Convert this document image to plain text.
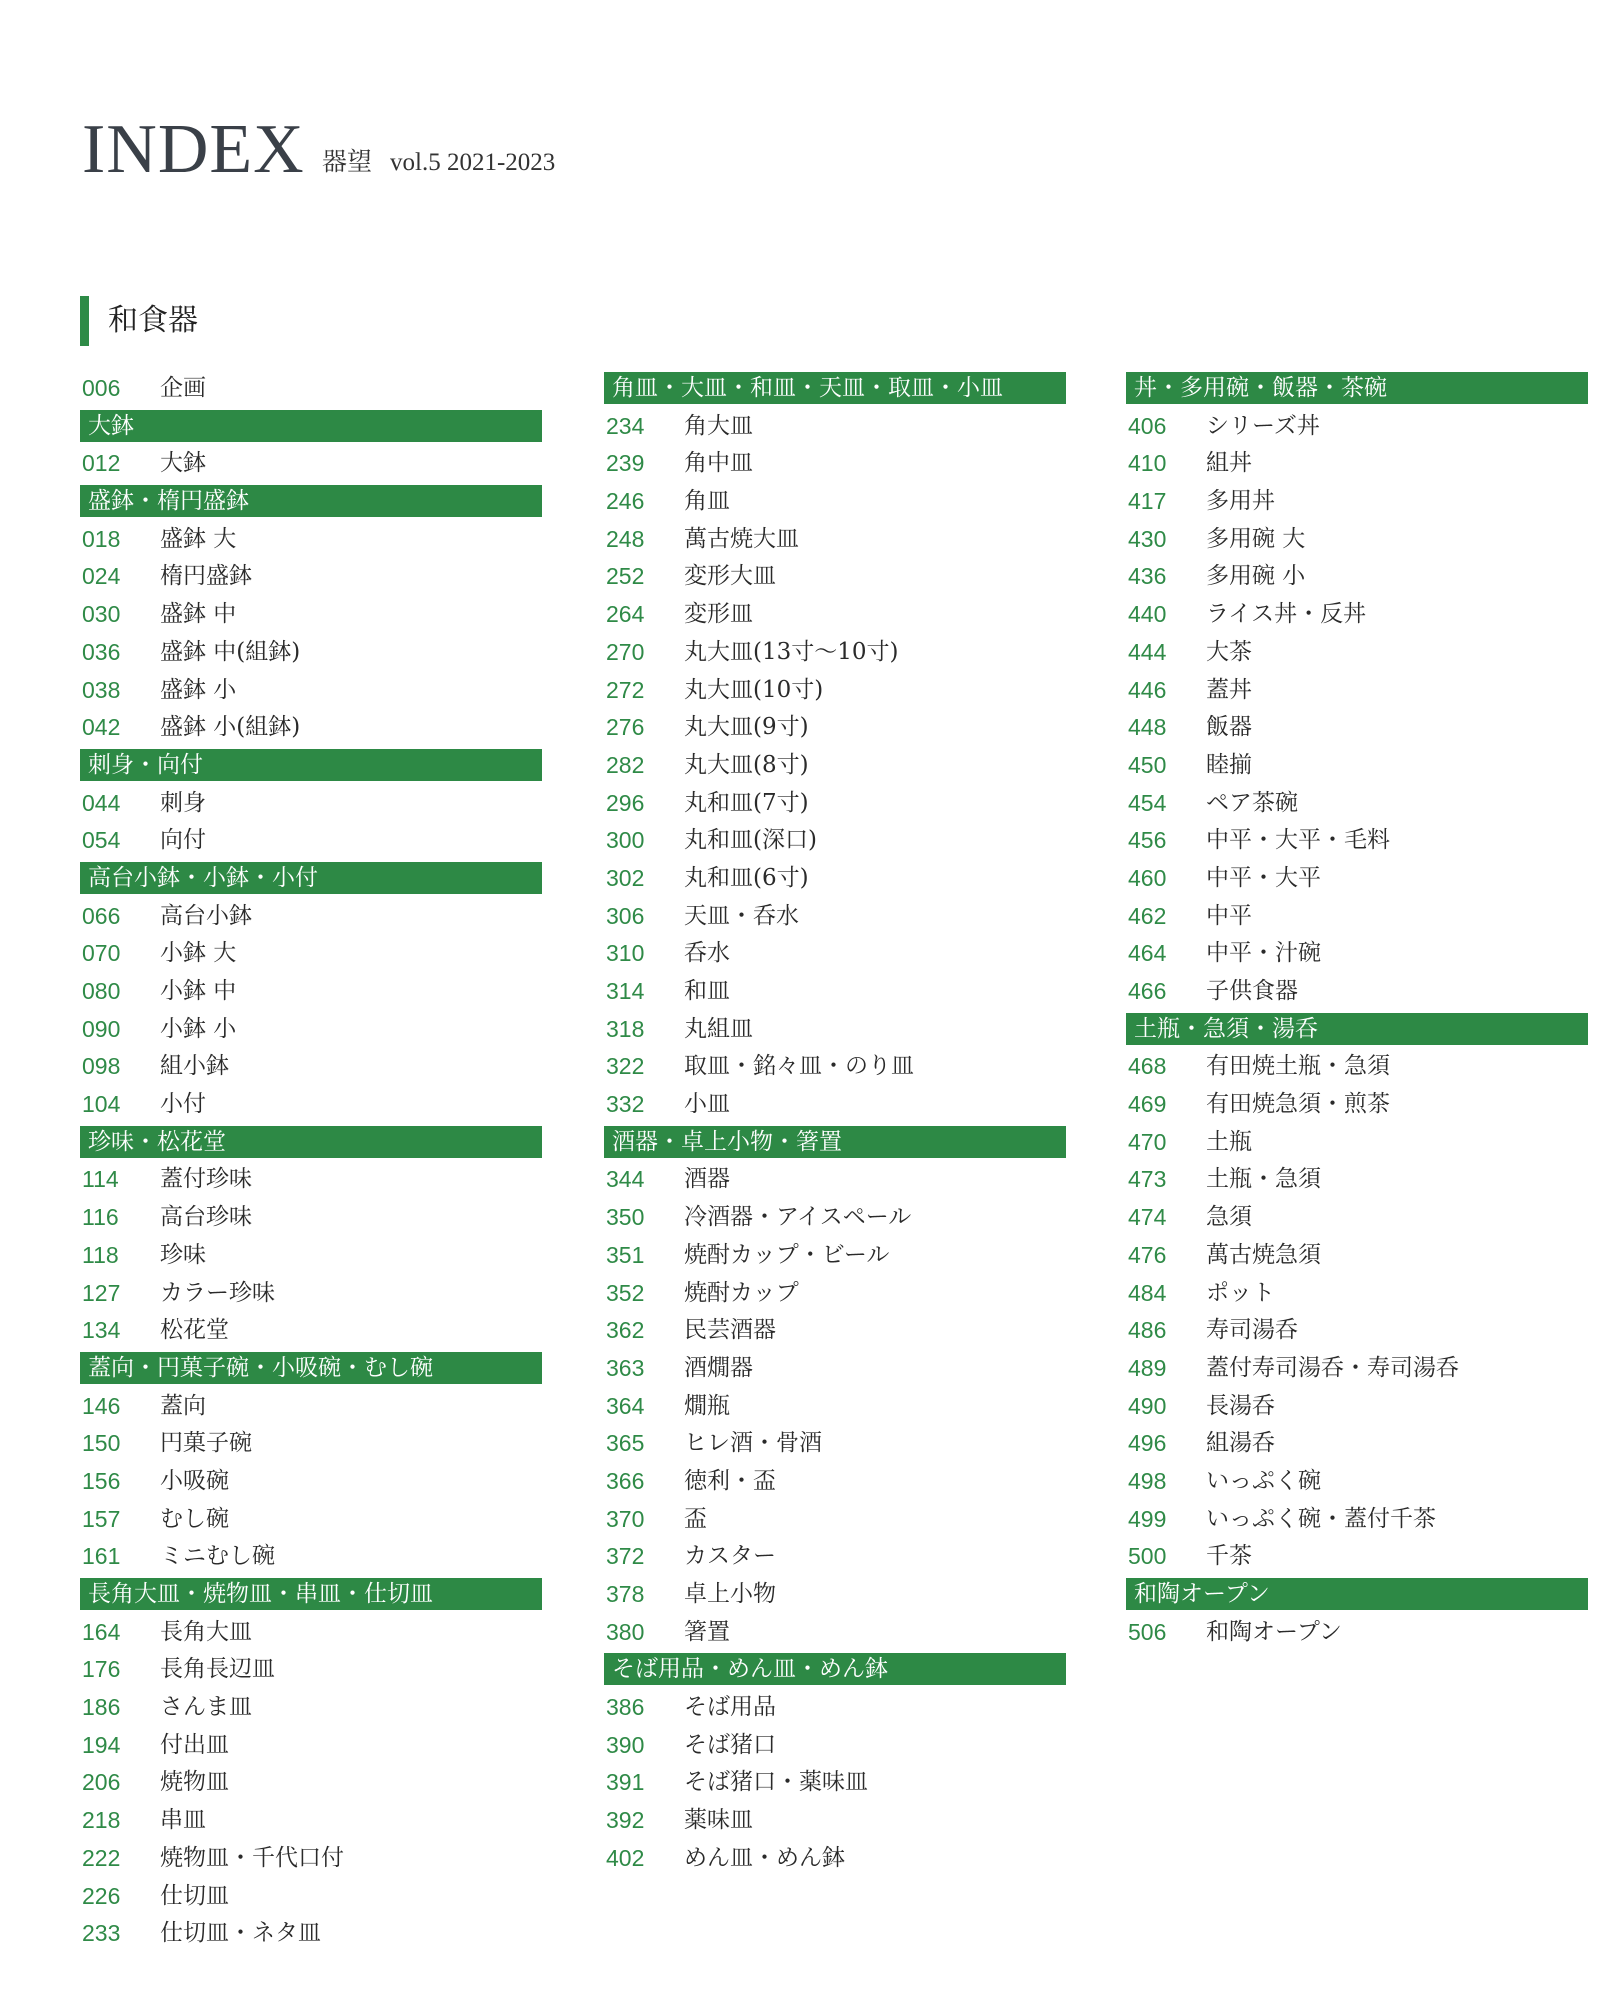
INDEX 器望 vol.5 2021-2023
和食器
006 企画
大鉢
012 大鉢
盛鉢・楕円盛鉢
018 盛鉢 大
024 楕円盛鉢
030 盛鉢 中
036 盛鉢 中(組鉢)
038 盛鉢 小
042 盛鉢 小(組鉢)
刺身・向付
044 刺身
054 向付
高台小鉢・小鉢・小付
066 高台小鉢
070 小鉢 大
080 小鉢 中
090 小鉢 小
098 組小鉢
104 小付
珍味・松花堂
114 蓋付珍味
116 高台珍味
118 珍味
127 カラー珍味
134 松花堂
蓋向・円菓子碗・小吸碗・むし碗
146 蓋向
150 円菓子碗
156 小吸碗
157 むし碗
161 ミニむし碗
長角大皿・焼物皿・串皿・仕切皿
164 長角大皿
176 長角長辺皿
186 さんま皿
194 付出皿
206 焼物皿
218 串皿
222 焼物皿・千代口付
226 仕切皿
233 仕切皿・ネタ皿
角皿・大皿・和皿・天皿・取皿・小皿
234 角大皿
239 角中皿
246 角皿
248 萬古焼大皿
252 変形大皿
264 変形皿
270 丸大皿(13寸〜10寸)
272 丸大皿(10寸)
276 丸大皿(9寸)
282 丸大皿(8寸)
296 丸和皿(7寸)
300 丸和皿(深口)
302 丸和皿(6寸)
306 天皿・呑水
310 呑水
314 和皿
318 丸組皿
322 取皿・銘々皿・のり皿
332 小皿
酒器・卓上小物・箸置
344 酒器
350 冷酒器・アイスペール
351 焼酎カップ・ビール
352 焼酎カップ
362 民芸酒器
363 酒燗器
364 燗瓶
365 ヒレ酒・骨酒
366 徳利・盃
370 盃
372 カスター
378 卓上小物
380 箸置
そば用品・めん皿・めん鉢
386 そば用品
390 そば猪口
391 そば猪口・薬味皿
392 薬味皿
402 めん皿・めん鉢
丼・多用碗・飯器・茶碗
406 シリーズ丼
410 組丼
417 多用丼
430 多用碗 大
436 多用碗 小
440 ライス丼・反丼
444 大茶
446 蓋丼
448 飯器
450 睦揃
454 ペア茶碗
456 中平・大平・毛料
460 中平・大平
462 中平
464 中平・汁碗
466 子供食器
土瓶・急須・湯呑
468 有田焼土瓶・急須
469 有田焼急須・煎茶
470 土瓶
473 土瓶・急須
474 急須
476 萬古焼急須
484 ポット
486 寿司湯呑
489 蓋付寿司湯呑・寿司湯呑
490 長湯呑
496 組湯呑
498 いっぷく碗
499 いっぷく碗・蓋付千茶
500 千茶
和陶オープン
506 和陶オープン
